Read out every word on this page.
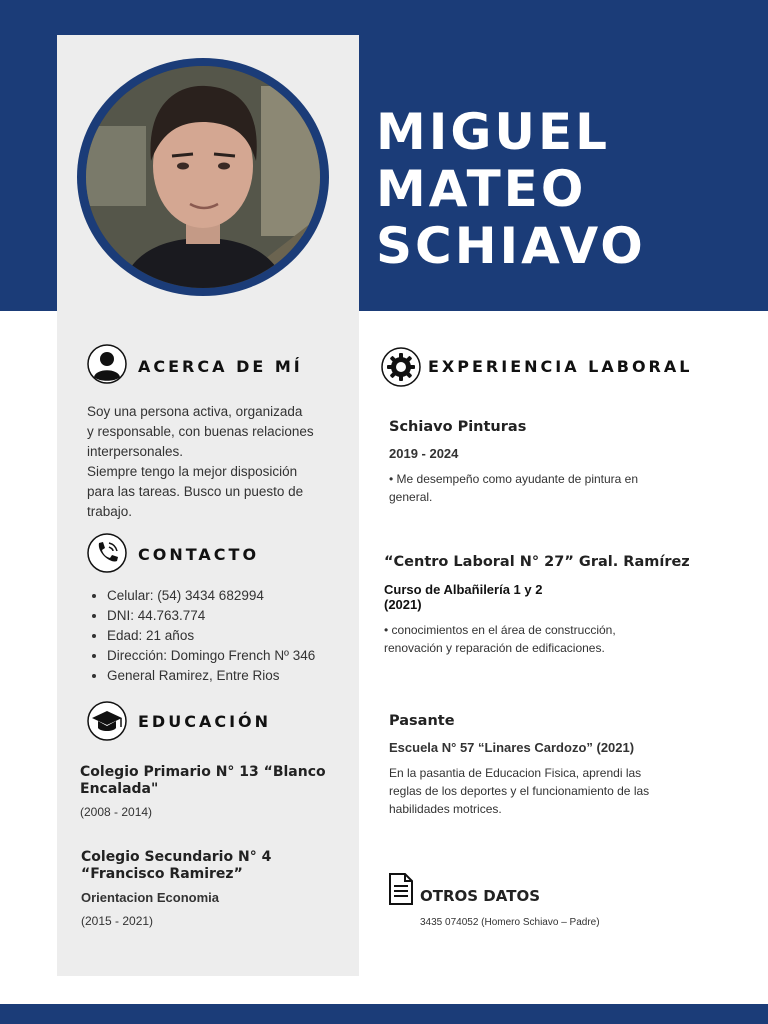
MIGUEL
MATEO
SCHIAVO
ACERCA DE MÍ
Soy una persona activa, organizada
y responsable, con buenas relaciones
interpersonales.
Siempre tengo la mejor disposición
para las tareas. Busco un puesto de
trabajo.
CONTACTO
• Celular: (54) 3434 682994
• DNI: 44.763.774
• Edad: 21 años
• Dirección: Domingo French Nº 346
• General Ramirez, Entre Rios
EDUCACIÓN
Colegio Primario N° 13 “Blanco
Encalada"
(2008 - 2014)
Colegio Secundario N° 4
“Francisco Ramirez”
Orientacion Economia
(2015 - 2021)
EXPERIENCIA LABORAL
Schiavo Pinturas
2019 - 2024
• Me desempeño como ayudante de pintura en
general.
“Centro Laboral N° 27” Gral. Ramírez
Curso de Albañilería 1 y 2
(2021)
• conocimientos en el área de construcción,
renovación y reparación de edificaciones.
Pasante
Escuela N° 57 “Linares Cardozo” (2021)
En la pasantia de Educacion Fisica, aprendi las
reglas de los deportes y el funcionamiento de las
habilidades motrices.
OTROS DATOS
3435 074052 (Homero Schiavo – Padre)
